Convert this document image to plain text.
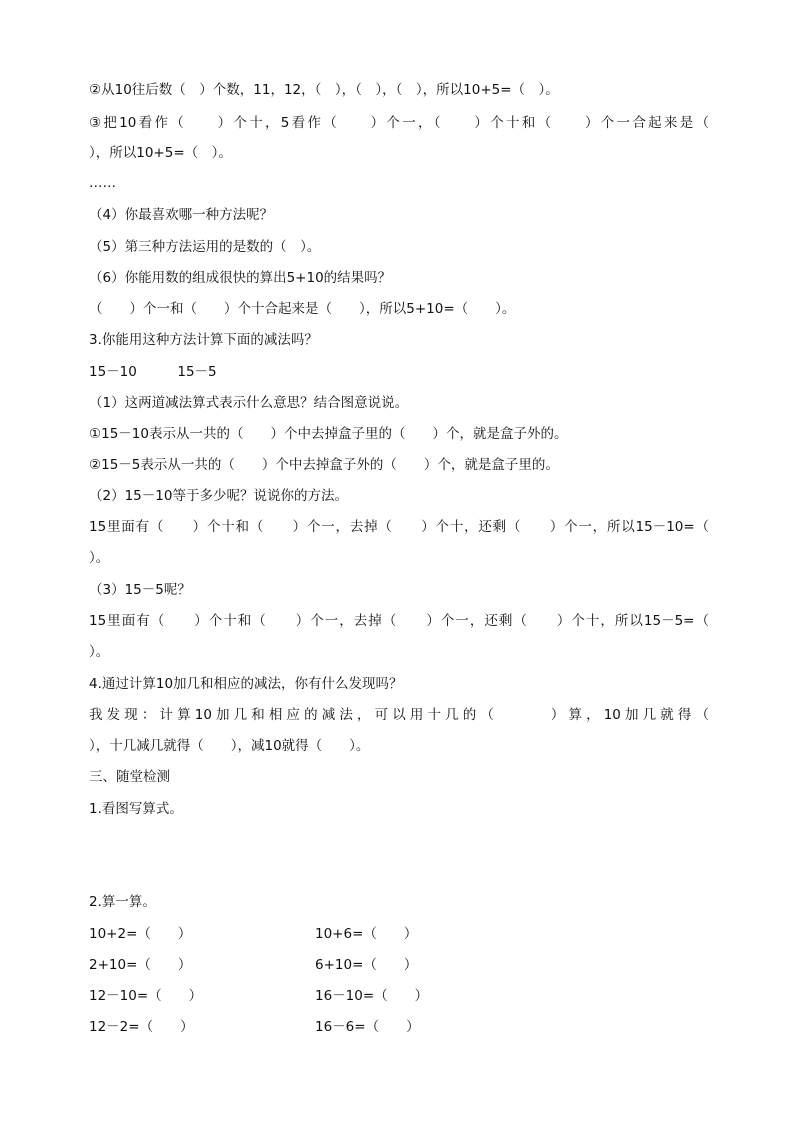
②从10往后数（　）个数，11，12，（　），（　），（　），所以10+5=（　）。
③把10看作（　　）个十，5看作（　　）个一，（　　）个十和（　　）个一合起来是（
），所以10+5=（　）。
……
（4）你最喜欢哪一种方法呢？
（5）第三种方法运用的是数的（　）。
（6）你能用数的组成很快的算出5+10的结果吗？
（　　）个一和（　　）个十合起来是（　　），所以5+10=（　　）。
3.你能用这种方法计算下面的减法吗？
15－10　　　15－5
（1）这两道减法算式表示什么意思？结合图意说说。
①15－10表示从一共的（　　）个中去掉盒子里的（　　）个，就是盒子外的。
②15－5表示从一共的（　　）个中去掉盒子外的（　　）个，就是盒子里的。
（2）15－10等于多少呢？说说你的方法。
15里面有（　　）个十和（　　）个一，去掉（　　）个十，还剩（　　）个一，所以15－10=（
）。
（3）15－5呢？
15里面有（　　）个十和（　　）个一，去掉（　　）个一，还剩（　　）个十，所以15－5=（
）。
4.通过计算10加几和相应的减法，你有什么发现吗？
我发现：计算10加几和相应的减法，可以用十几的（　　　）算，10加几就得（
），十几减几就得（　　），减10就得（　　）。
三、随堂检测
1.看图写算式。
2.算一算。
10+2=（　　）	10+6=（　　）
2+10=（　　）	6+10=（　　）
12－10=（　　）	16－10=（　　）
12－2=（　　）	16－6=（　　）
